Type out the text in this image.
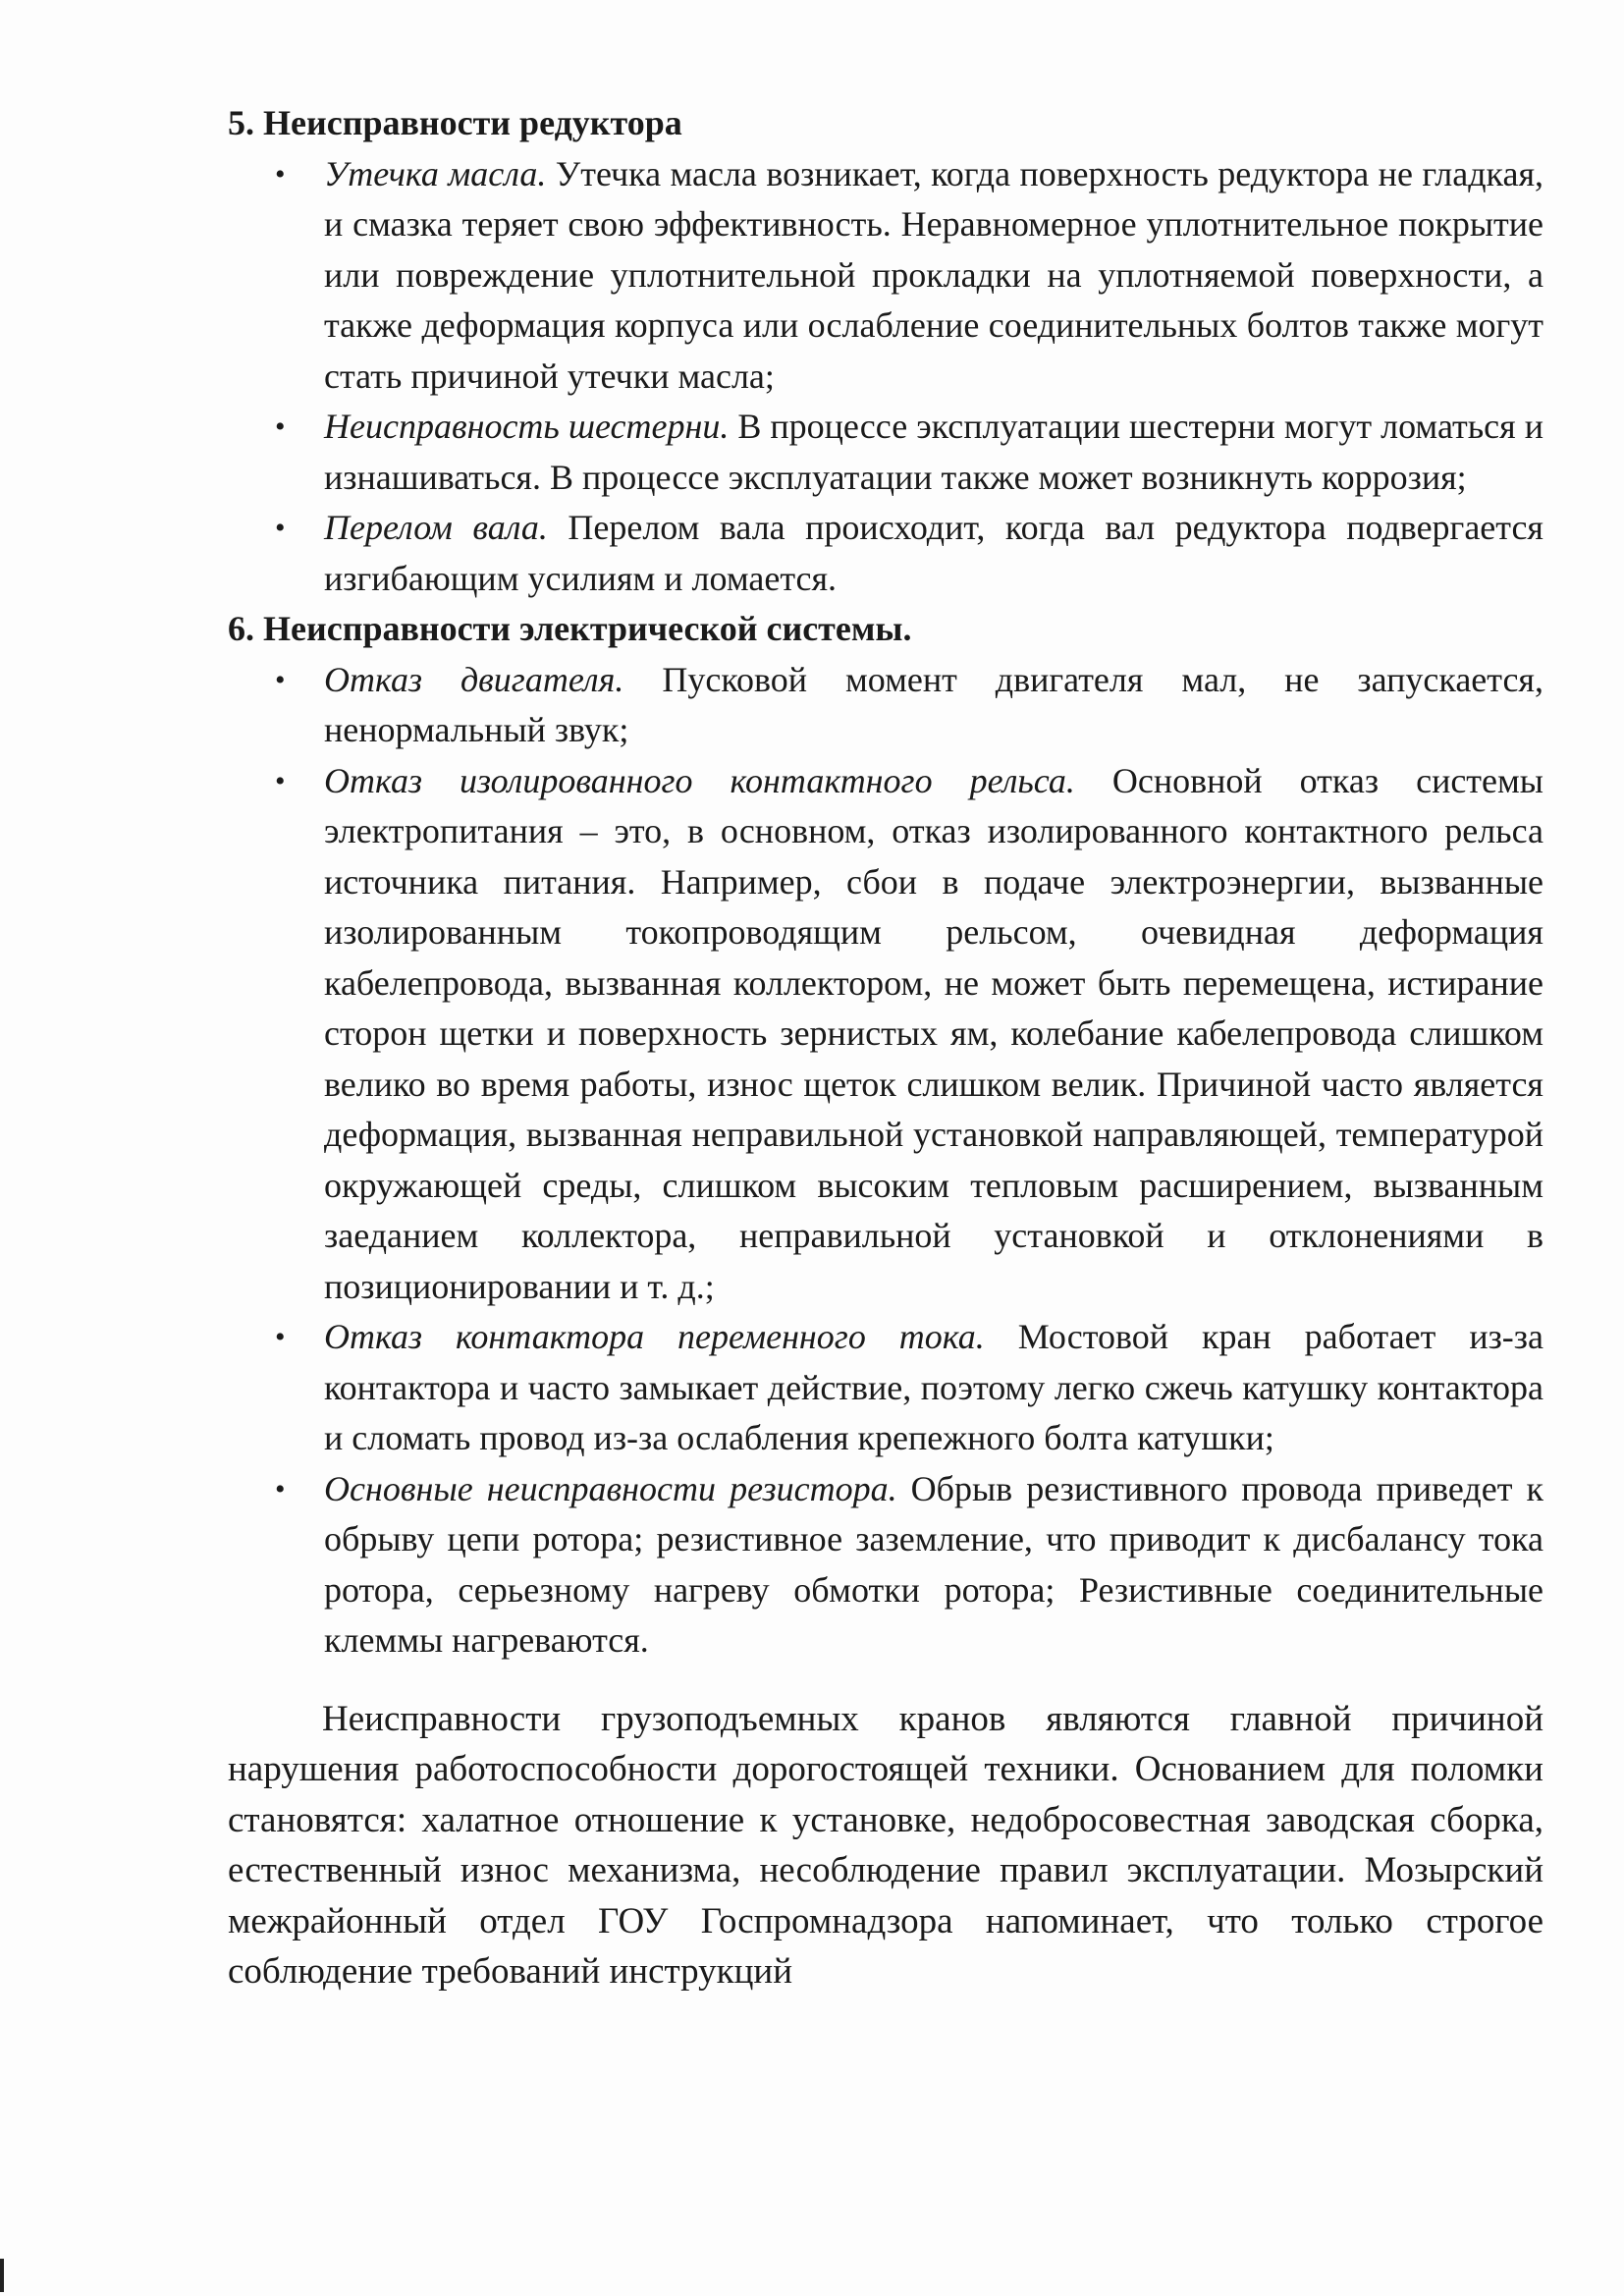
5. Неисправности редуктора

• Утечка масла. Утечка масла возникает, когда поверхность редуктора не гладкая, и смазка теряет свою эффективность. Неравномерное уплотнительное покрытие или повреждение уплотнительной прокладки на уплотняемой поверхности, а также деформация корпуса или ослабление соединительных болтов также могут стать причиной утечки масла;
• Неисправность шестерни. В процессе эксплуатации шестерни могут ломаться и изнашиваться. В процессе эксплуатации также может возникнуть коррозия;
• Перелом вала. Перелом вала происходит, когда вал редуктора подвергается изгибающим усилиям и ломается.

6. Неисправности электрической системы.

• Отказ двигателя. Пусковой момент двигателя мал, не запускается, ненормальный звук;
• Отказ изолированного контактного рельса. Основной отказ системы электропитания – это, в основном, отказ изолированного контактного рельса источника питания. Например, сбои в подаче электроэнергии, вызванные изолированным токопроводящим рельсом, очевидная деформация кабелепровода, вызванная коллектором, не может быть перемещена, истирание сторон щетки и поверхность зернистых ям, колебание кабелепровода слишком велико во время работы, износ щеток слишком велик. Причиной часто является деформация, вызванная неправильной установкой направляющей, температурой окружающей среды, слишком высоким тепловым расширением, вызванным заеданием коллектора, неправильной установкой и отклонениями в позиционировании и т. д.;
• Отказ контактора переменного тока. Мостовой кран работает из-за контактора и часто замыкает действие, поэтому легко сжечь катушку контактора и сломать провод из-за ослабления крепежного болта катушки;
• Основные неисправности резистора. Обрыв резистивного провода приведет к обрыву цепи ротора; резистивное заземление, что приводит к дисбалансу тока ротора, серьезному нагреву обмотки ротора; Резистивные соединительные клеммы нагреваются.

Неисправности грузоподъемных кранов являются главной причиной нарушения работоспособности дорогостоящей техники. Основанием для поломки становятся: халатное отношение к установке, недобросовестная заводская сборка, естественный износ механизма, несоблюдение правил эксплуатации. Мозырский межрайонный отдел ГОУ Госпромнадзора напоминает, что только строгое соблюдение требований инструкций
